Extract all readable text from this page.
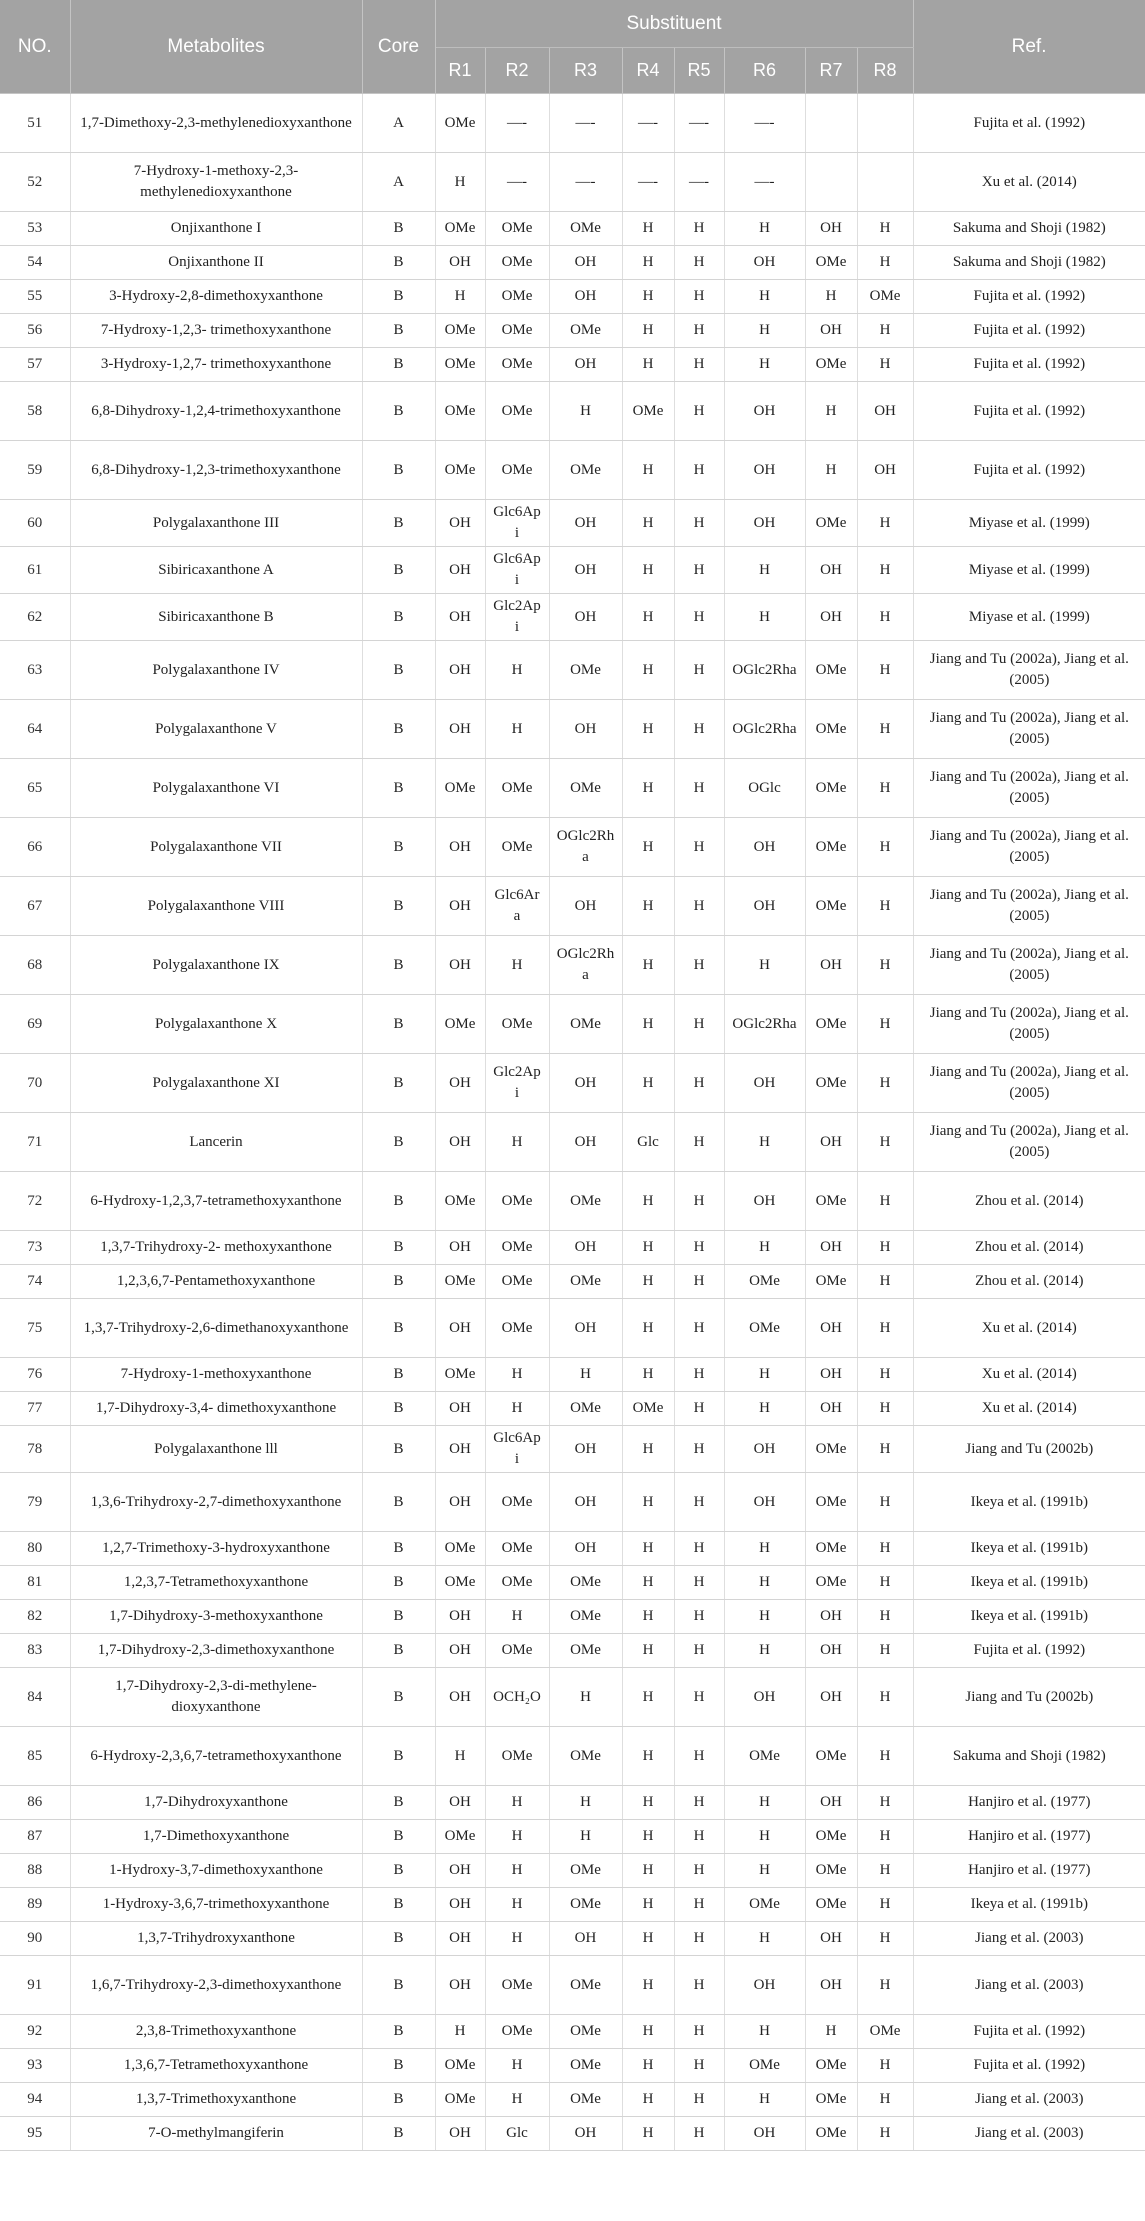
NO.	Metabolites	Core	Substituent								Ref.
			R1	R2	R3	R4	R5	R6	R7	R8	
51	1,7-Dimethoxy-2,3-methylenedioxyxanthone	A	OMe	—-	—-	—-	—-	—-			Fujita et al. (1992)
52	7-Hydroxy-1-methoxy-2,3-methylenedioxyxanthone	A	H	—-	—-	—-	—-	—-			Xu et al. (2014)
53	Onjixanthone I	B	OMe	OMe	OMe	H	H	H	OH	H	Sakuma and Shoji (1982)
54	Onjixanthone II	B	OH	OMe	OH	H	H	OH	OMe	H	Sakuma and Shoji (1982)
55	3-Hydroxy-2,8-dimethoxyxanthone	B	H	OMe	OH	H	H	H	H	OMe	Fujita et al. (1992)
56	7-Hydroxy-1,2,3- trimethoxyxanthone	B	OMe	OMe	OMe	H	H	H	OH	H	Fujita et al. (1992)
57	3-Hydroxy-1,2,7- trimethoxyxanthone	B	OMe	OMe	OH	H	H	H	OMe	H	Fujita et al. (1992)
58	6,8-Dihydroxy-1,2,4-trimethoxyxanthone	B	OMe	OMe	H	OMe	H	OH	H	OH	Fujita et al. (1992)
59	6,8-Dihydroxy-1,2,3-trimethoxyxanthone	B	OMe	OMe	OMe	H	H	OH	H	OH	Fujita et al. (1992)
60	Polygalaxanthone III	B	OH	Glc6Api	OH	H	H	OH	OMe	H	Miyase et al. (1999)
61	Sibiricaxanthone A	B	OH	Glc6Api	OH	H	H	H	OH	H	Miyase et al. (1999)
62	Sibiricaxanthone B	B	OH	Glc2Api	OH	H	H	H	OH	H	Miyase et al. (1999)
63	Polygalaxanthone IV	B	OH	H	OMe	H	H	OGlc2Rha	OMe	H	Jiang and Tu (2002a), Jiang et al. (2005)
64	Polygalaxanthone V	B	OH	H	OH	H	H	OGlc2Rha	OMe	H	Jiang and Tu (2002a), Jiang et al. (2005)
65	Polygalaxanthone VI	B	OMe	OMe	OMe	H	H	OGlc	OMe	H	Jiang and Tu (2002a), Jiang et al. (2005)
66	Polygalaxanthone VII	B	OH	OMe	OGlc2Rha	H	H	OH	OMe	H	Jiang and Tu (2002a), Jiang et al. (2005)
67	Polygalaxanthone VIII	B	OH	Glc6Ara	OH	H	H	OH	OMe	H	Jiang and Tu (2002a), Jiang et al. (2005)
68	Polygalaxanthone IX	B	OH	H	OGlc2Rha	H	H	H	OH	H	Jiang and Tu (2002a), Jiang et al. (2005)
69	Polygalaxanthone X	B	OMe	OMe	OMe	H	H	OGlc2Rha	OMe	H	Jiang and Tu (2002a), Jiang et al. (2005)
70	Polygalaxanthone XI	B	OH	Glc2Api	OH	H	H	OH	OMe	H	Jiang and Tu (2002a), Jiang et al. (2005)
71	Lancerin	B	OH	H	OH	Glc	H	H	OH	H	Jiang and Tu (2002a), Jiang et al. (2005)
72	6-Hydroxy-1,2,3,7-tetramethoxyxanthone	B	OMe	OMe	OMe	H	H	OH	OMe	H	Zhou et al. (2014)
73	1,3,7-Trihydroxy-2- methoxyxanthone	B	OH	OMe	OH	H	H	H	OH	H	Zhou et al. (2014)
74	1,2,3,6,7-Pentamethoxyxanthone	B	OMe	OMe	OMe	H	H	OMe	OMe	H	Zhou et al. (2014)
75	1,3,7-Trihydroxy-2,6-dimethanoxyxanthone	B	OH	OMe	OH	H	H	OMe	OH	H	Xu et al. (2014)
76	7-Hydroxy-1-methoxyxanthone	B	OMe	H	H	H	H	H	OH	H	Xu et al. (2014)
77	1,7-Dihydroxy-3,4- dimethoxyxanthone	B	OH	H	OMe	OMe	H	H	OH	H	Xu et al. (2014)
78	Polygalaxanthone lll	B	OH	Glc6Api	OH	H	H	OH	OMe	H	Jiang and Tu (2002b)
79	1,3,6-Trihydroxy-2,7-dimethoxyxanthone	B	OH	OMe	OH	H	H	OH	OMe	H	Ikeya et al. (1991b)
80	1,2,7-Trimethoxy-3-hydroxyxanthone	B	OMe	OMe	OH	H	H	H	OMe	H	Ikeya et al. (1991b)
81	1,2,3,7-Tetramethoxyxanthone	B	OMe	OMe	OMe	H	H	H	OMe	H	Ikeya et al. (1991b)
82	1,7-Dihydroxy-3-methoxyxanthone	B	OH	H	OMe	H	H	H	OH	H	Ikeya et al. (1991b)
83	1,7-Dihydroxy-2,3-dimethoxyxanthone	B	OH	OMe	OMe	H	H	H	OH	H	Fujita et al. (1992)
84	1,7-Dihydroxy-2,3-di-methylene-dioxyxanthone	B	OH	OCH₂O	H	H	H	OH	OH	H	Jiang and Tu (2002b)
85	6-Hydroxy-2,3,6,7-tetramethoxyxanthone	B	H	OMe	OMe	H	H	OMe	OMe	H	Sakuma and Shoji (1982)
86	1,7-Dihydroxyxanthone	B	OH	H	H	H	H	H	OH	H	Hanjiro et al. (1977)
87	1,7-Dimethoxyxanthone	B	OMe	H	H	H	H	H	OMe	H	Hanjiro et al. (1977)
88	1-Hydroxy-3,7-dimethoxyxanthone	B	OH	H	OMe	H	H	H	OMe	H	Hanjiro et al. (1977)
89	1-Hydroxy-3,6,7-trimethoxyxanthone	B	OH	H	OMe	H	H	OMe	OMe	H	Ikeya et al. (1991b)
90	1,3,7-Trihydroxyxanthone	B	OH	H	OH	H	H	H	OH	H	Jiang et al. (2003)
91	1,6,7-Trihydroxy-2,3-dimethoxyxanthone	B	OH	OMe	OMe	H	H	OH	OH	H	Jiang et al. (2003)
92	2,3,8-Trimethoxyxanthone	B	H	OMe	OMe	H	H	H	H	OMe	Fujita et al. (1992)
93	1,3,6,7-Tetramethoxyxanthone	B	OMe	H	OMe	H	H	OMe	OMe	H	Fujita et al. (1992)
94	1,3,7-Trimethoxyxanthone	B	OMe	H	OMe	H	H	H	OMe	H	Jiang et al. (2003)
95	7-O-methylmangiferin	B	OH	Glc	OH	H	H	OH	OMe	H	Jiang et al. (2003)
